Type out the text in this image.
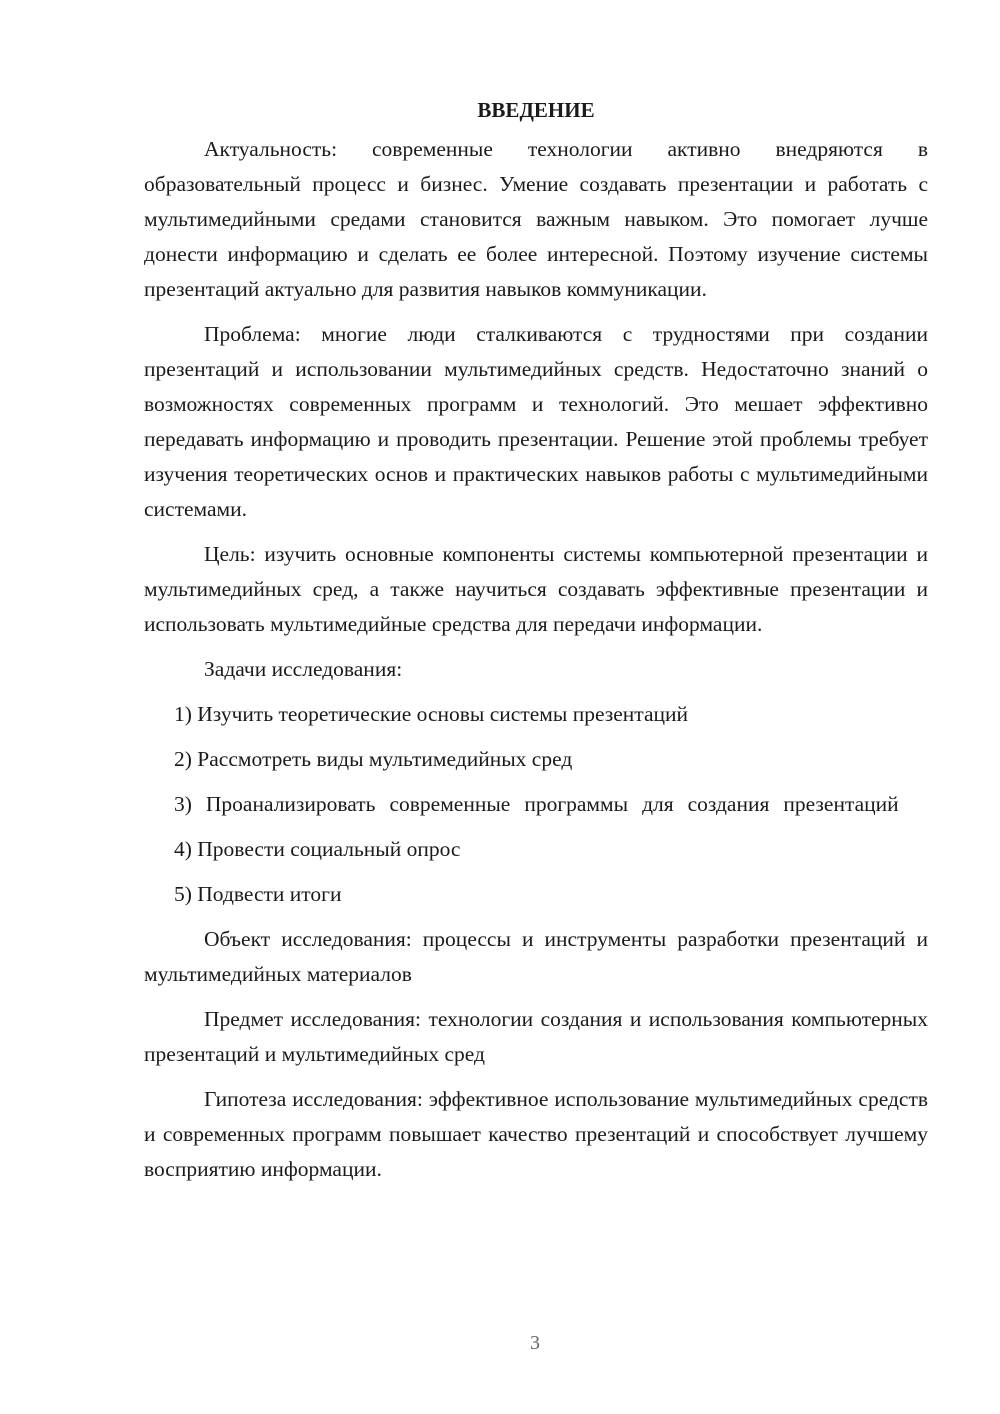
ВВЕДЕНИЕ

Актуальность: современные технологии активно внедряются в образовательный процесс и бизнес. Умение создавать презентации и работать с мультимедийными средами становится важным навыком. Это помогает лучше донести информацию и сделать ее более интересной. Поэтому изучение системы презентаций актуально для развития навыков коммуникации.

Проблема: многие люди сталкиваются с трудностями при создании презентаций и использовании мультимедийных средств. Недостаточно знаний о возможностях современных программ и технологий. Это мешает эффективно передавать информацию и проводить презентации. Решение этой проблемы требует изучения теоретических основ и практических навыков работы с мультимедийными системами.

Цель: изучить основные компоненты системы компьютерной презентации и мультимедийных сред, а также научиться создавать эффективные презентации и использовать мультимедийные средства для передачи информации.

Задачи исследования:

1) Изучить теоретические основы системы презентаций

2) Рассмотреть виды мультимедийных сред

3) Проанализировать современные программы для создания презентаций

4) Провести социальный опрос

5) Подвести итоги

Объект исследования: процессы и инструменты разработки презентаций и мультимедийных материалов

Предмет исследования: технологии создания и использования компьютерных презентаций и мультимедийных сред

Гипотеза исследования: эффективное использование мультимедийных средств и современных программ повышает качество презентаций и способствует лучшему восприятию информации.

3
